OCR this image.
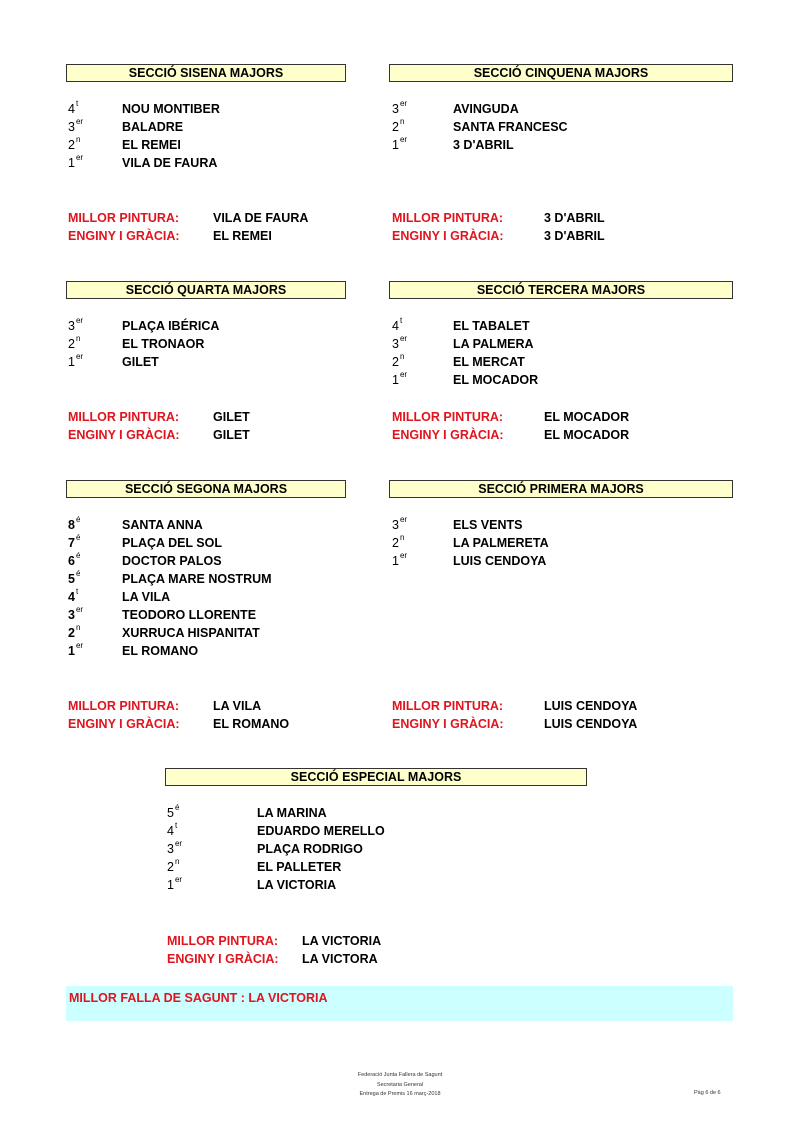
MILLOR FALLA DE SAGUNT : LA VICTORIA
Federació Junta Fallera de Sagunt
Secretaria General
Entrega de Premis 16 març-2018	Pàg 6 de 6
SECCIÓ SISENA MAJORS
4$^t$	NOU MONTIBER
3er	BALADRE
2$^n$	EL REMEI
1er	VILA DE FAURA
MILLOR PINTURA:	VILA DE FAURA
ENGINY I GRÀCIA:	EL REMEI
SECCIÓ CINQUENA MAJORS
3er	AVINGUDA
2$^n$	SANTA FRANCESC
1er	3 D'ABRIL
MILLOR PINTURA:	3 D'ABRIL
ENGINY I GRÀCIA:	3 D'ABRIL
SECCIÓ QUARTA MAJORS
3er	PLAÇA IBÉRICA
2$^n$	EL TRONAOR
1er	GILET
MILLOR PINTURA:	GILET
ENGINY I GRÀCIA:	GILET
SECCIÓ TERCERA MAJORS
4$^t$	EL TABALET
3er	LA PALMERA
2$^n$	EL MERCAT
1er	EL MOCADOR
MILLOR PINTURA:	EL MOCADOR
ENGINY I GRÀCIA:	EL MOCADOR
SECCIÓ SEGONA MAJORS
$8^é$	SANTA ANNA
$7^é$	PLAÇA DEL SOL
$6^é$	DOCTOR PALOS
$5^é$	PLAÇA MARE NOSTRUM
4$^t$	LA VILA
3er	TEODORO LLORENTE
2$^n$	XURRUCA HISPANITAT
1er	EL ROMANO
MILLOR PINTURA:	LA VILA
ENGINY I GRÀCIA:	EL ROMANO
SECCIÓ PRIMERA MAJORS
3er	ELS VENTS
2$^n$	LA PALMERETA
1er	LUIS CENDOYA
MILLOR PINTURA:	LUIS CENDOYA
ENGINY I GRÀCIA:	LUIS CENDOYA
SECCIÓ ESPECIAL MAJORS
$5^é$	LA MARINA
4$^t$	EDUARDO MERELLO
3er	PLAÇA RODRIGO
2$^n$	EL PALLETER
1er	LA VICTORIA
MILLOR PINTURA: LA VICTORIA
ENGINY I GRÀCIA: LA VICTORA
